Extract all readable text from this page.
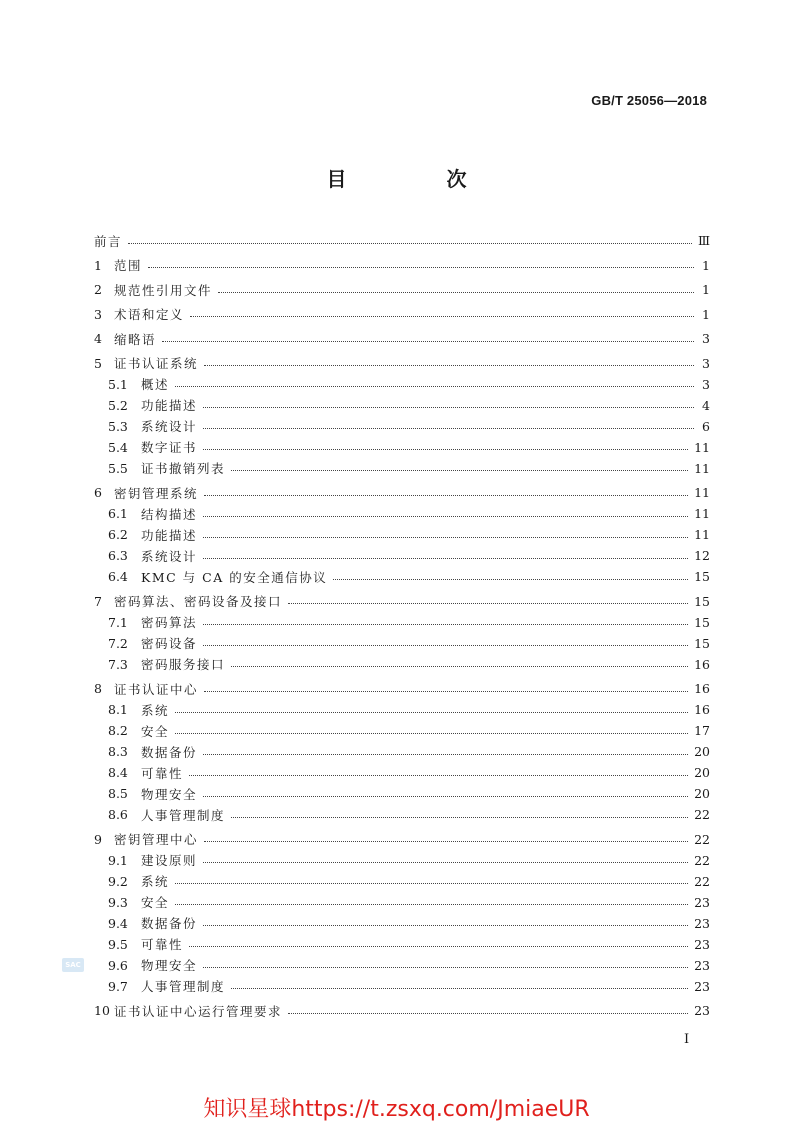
GB/T 25056—2018
目　次
前言	Ⅲ
1 范围	1
2 规范性引用文件	1
3 术语和定义	1
4 缩略语	3
5 证书认证系统	3
5.1	概述	3
5.2	功能描述	4
5.3	系统设计	6
5.4	数字证书	11
5.5	证书撤销列表	11
6 密钥管理系统	11
6.1	结构描述	11
6.2	功能描述	11
6.3	系统设计	12
6.4	KMC 与 CA 的安全通信协议	15
7 密码算法、密码设备及接口	15
7.1	密码算法	15
7.2	密码设备	15
7.3	密码服务接口	16
8 证书认证中心	16
8.1	系统	16
8.2	安全	17
8.3	数据备份	20
8.4	可靠性	20
8.5	物理安全	20
8.6	人事管理制度	22
9 密钥管理中心	22
9.1	建设原则	22
9.2	系统	22
9.3	安全	23
9.4	数据备份	23
9.5	可靠性	23
9.6	物理安全	23
9.7	人事管理制度	23
10 证书认证中心运行管理要求	23
SAC
I
知识星球https://t.zsxq.com/JmiaeUR
